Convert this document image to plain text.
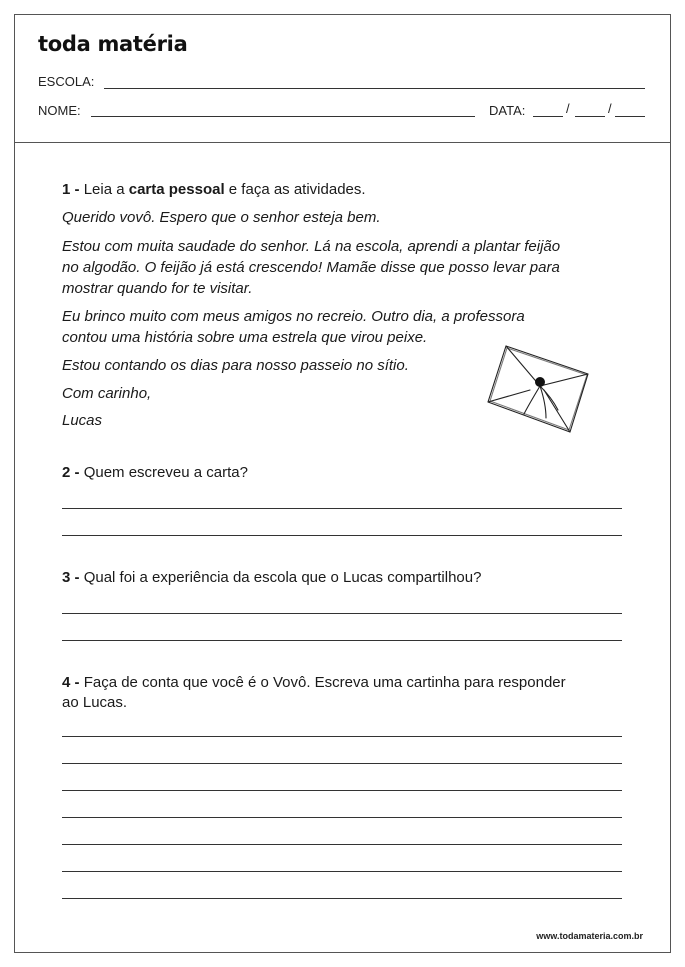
toda matéria
ESCOLA:
NOME:	DATA:	/	/
1 - Leia a carta pessoal e faça as atividades.
Querido vovô. Espero que o senhor esteja bem.
Estou com muita saudade do senhor. Lá na escola, aprendi a plantar feijão
no algodão. O feijão já está crescendo! Mamãe disse que posso levar para
mostrar quando for te visitar.
Eu brinco muito com meus amigos no recreio. Outro dia, a professora
contou uma história sobre uma estrela que virou peixe.
Estou contando os dias para nosso passeio no sítio.
Com carinho,
Lucas
2 - Quem escreveu a carta?
3 - Qual foi a experiência da escola que o Lucas compartilhou?
4 - Faça de conta que você é o Vovô. Escreva uma cartinha para responder
ao Lucas.
www.todamateria.com.br
